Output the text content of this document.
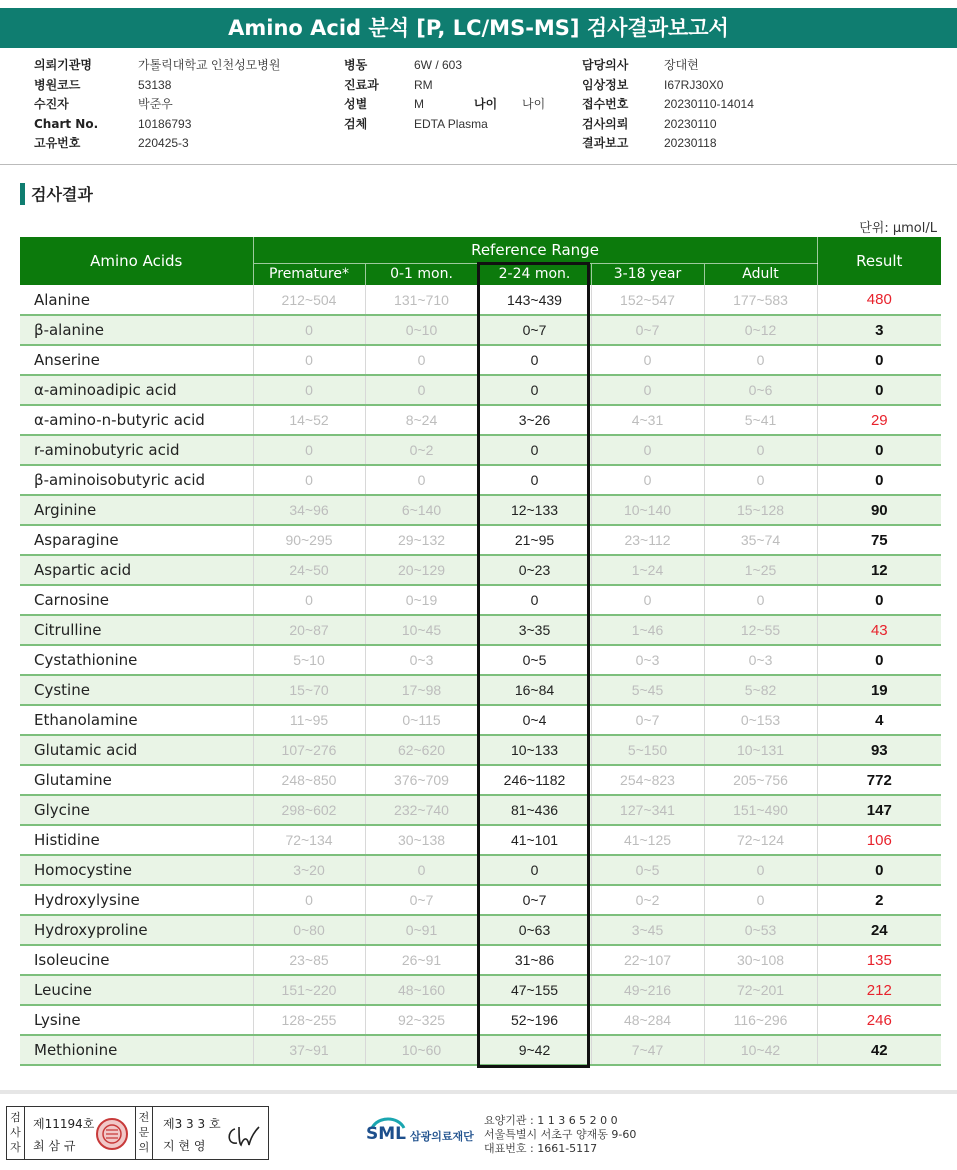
Amino Acid 분석 [P, LC/MS-MS] 검사결과보고서
의뢰기관명	가톨릭대학교 인천성모병원
병원코드	53138
수진자	박준우
Chart No.	10186793
고유번호	220425-3
병동	6W / 603
진료과	RM
성별	M	나이 나이
검체	EDTA Plasma
담당의사	장대현
임상정보	I67RJ30X0
접수번호	20230110-14014
검사의뢰	20230110
결과보고	20230118
검사결과
단위: μmol/L
Amino Acids	Reference Range					Result
	Premature*	0-1 mon.	2-24 mon.	3-18 year	Adult	
Alanine	212~504	131~710	143~439	152~547	177~583	480
β-alanine	0	0~10	0~7	0~7	0~12	3
Anserine	0	0	0	0	0	0
α-aminoadipic acid	0	0	0	0	0~6	0
α-amino-n-butyric acid	14~52	8~24	3~26	4~31	5~41	29
r-aminobutyric acid	0	0~2	0	0	0	0
β-aminoisobutyric acid	0	0	0	0	0	0
Arginine	34~96	6~140	12~133	10~140	15~128	90
Asparagine	90~295	29~132	21~95	23~112	35~74	75
Aspartic acid	24~50	20~129	0~23	1~24	1~25	12
Carnosine	0	0~19	0	0	0	0
Citrulline	20~87	10~45	3~35	1~46	12~55	43
Cystathionine	5~10	0~3	0~5	0~3	0~3	0
Cystine	15~70	17~98	16~84	5~45	5~82	19
Ethanolamine	11~95	0~115	0~4	0~7	0~153	4
Glutamic acid	107~276	62~620	10~133	5~150	10~131	93
Glutamine	248~850	376~709	246~1182	254~823	205~756	772
Glycine	298~602	232~740	81~436	127~341	151~490	147
Histidine	72~134	30~138	41~101	41~125	72~124	106
Homocystine	3~20	0	0	0~5	0	0
Hydroxylysine	0	0~7	0~7	0~2	0	2
Hydroxyproline	0~80	0~91	0~63	3~45	0~53	24
Isoleucine	23~85	26~91	31~86	22~107	30~108	135
Leucine	151~220	48~160	47~155	49~216	72~201	212
Lysine	128~255	92~325	52~196	48~284	116~296	246
Methionine	37~91	10~60	9~42	7~47	10~42	42
검사자
제11194호
최 삼 규
전문의
제3 3 3 호
지 현 영
SML 삼광의료재단
요양기관 : 1 1 3 6 5 2 0 0
서울특별시 서초구 양재동 9-60
대표번호 : 1661-5117
